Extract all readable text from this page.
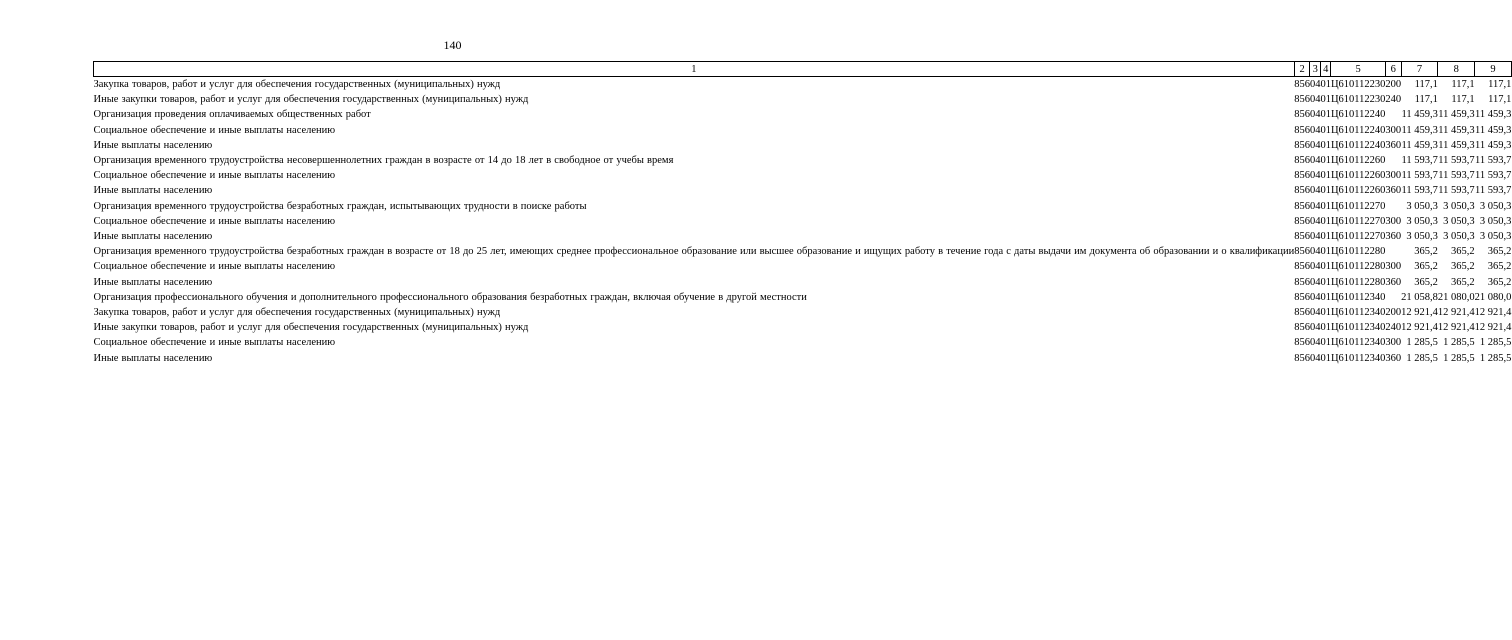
140
1	2	3	4	5	6	7	8	9
Закупка товаров, работ и услуг для обеспечения государственных (муниципальных) нужд	856	04	01	Ц610112230	200	117,1	117,1	117,1
Иные закупки товаров, работ и услуг для обеспечения государственных (муниципальных) нужд	856	04	01	Ц610112230	240	117,1	117,1	117,1
Организация проведения оплачиваемых общественных работ	856	04	01	Ц610112240		11 459,3	11 459,3	11 459,3
Социальное обеспечение и иные выплаты населению	856	04	01	Ц610112240	300	11 459,3	11 459,3	11 459,3
Иные выплаты населению	856	04	01	Ц610112240	360	11 459,3	11 459,3	11 459,3
Организация временного трудоустройства несовершеннолетних граждан в возрасте от 14 до 18 лет в свободное от учебы время	856	04	01	Ц610112260		11 593,7	11 593,7	11 593,7
Социальное обеспечение и иные выплаты населению	856	04	01	Ц610112260	300	11 593,7	11 593,7	11 593,7
Иные выплаты населению	856	04	01	Ц610112260	360	11 593,7	11 593,7	11 593,7
Организация временного трудоустройства безработных граждан, испытывающих трудности в поиске работы	856	04	01	Ц610112270		3 050,3	3 050,3	3 050,3
Социальное обеспечение и иные выплаты населению	856	04	01	Ц610112270	300	3 050,3	3 050,3	3 050,3
Иные выплаты населению	856	04	01	Ц610112270	360	3 050,3	3 050,3	3 050,3
Организация временного трудоустройства безработных граждан в возрасте от 18 до 25 лет, имеющих среднее профессиональное образование или высшее образование и ищущих работу в течение года с даты выдачи им документа об образовании и о квалификации	856	04	01	Ц610112280		365,2	365,2	365,2
Социальное обеспечение и иные выплаты населению	856	04	01	Ц610112280	300	365,2	365,2	365,2
Иные выплаты населению	856	04	01	Ц610112280	360	365,2	365,2	365,2
Организация профессионального обучения и дополнительного профессионального образования безработных граждан, включая обучение в другой местности	856	04	01	Ц610112340		21 058,8	21 080,0	21 080,0
Закупка товаров, работ и услуг для обеспечения государственных (муниципальных) нужд	856	04	01	Ц610112340	200	12 921,4	12 921,4	12 921,4
Иные закупки товаров, работ и услуг для обеспечения государственных (муниципальных) нужд	856	04	01	Ц610112340	240	12 921,4	12 921,4	12 921,4
Социальное обеспечение и иные выплаты населению	856	04	01	Ц610112340	300	1 285,5	1 285,5	1 285,5
Иные выплаты населению	856	04	01	Ц610112340	360	1 285,5	1 285,5	1 285,5
